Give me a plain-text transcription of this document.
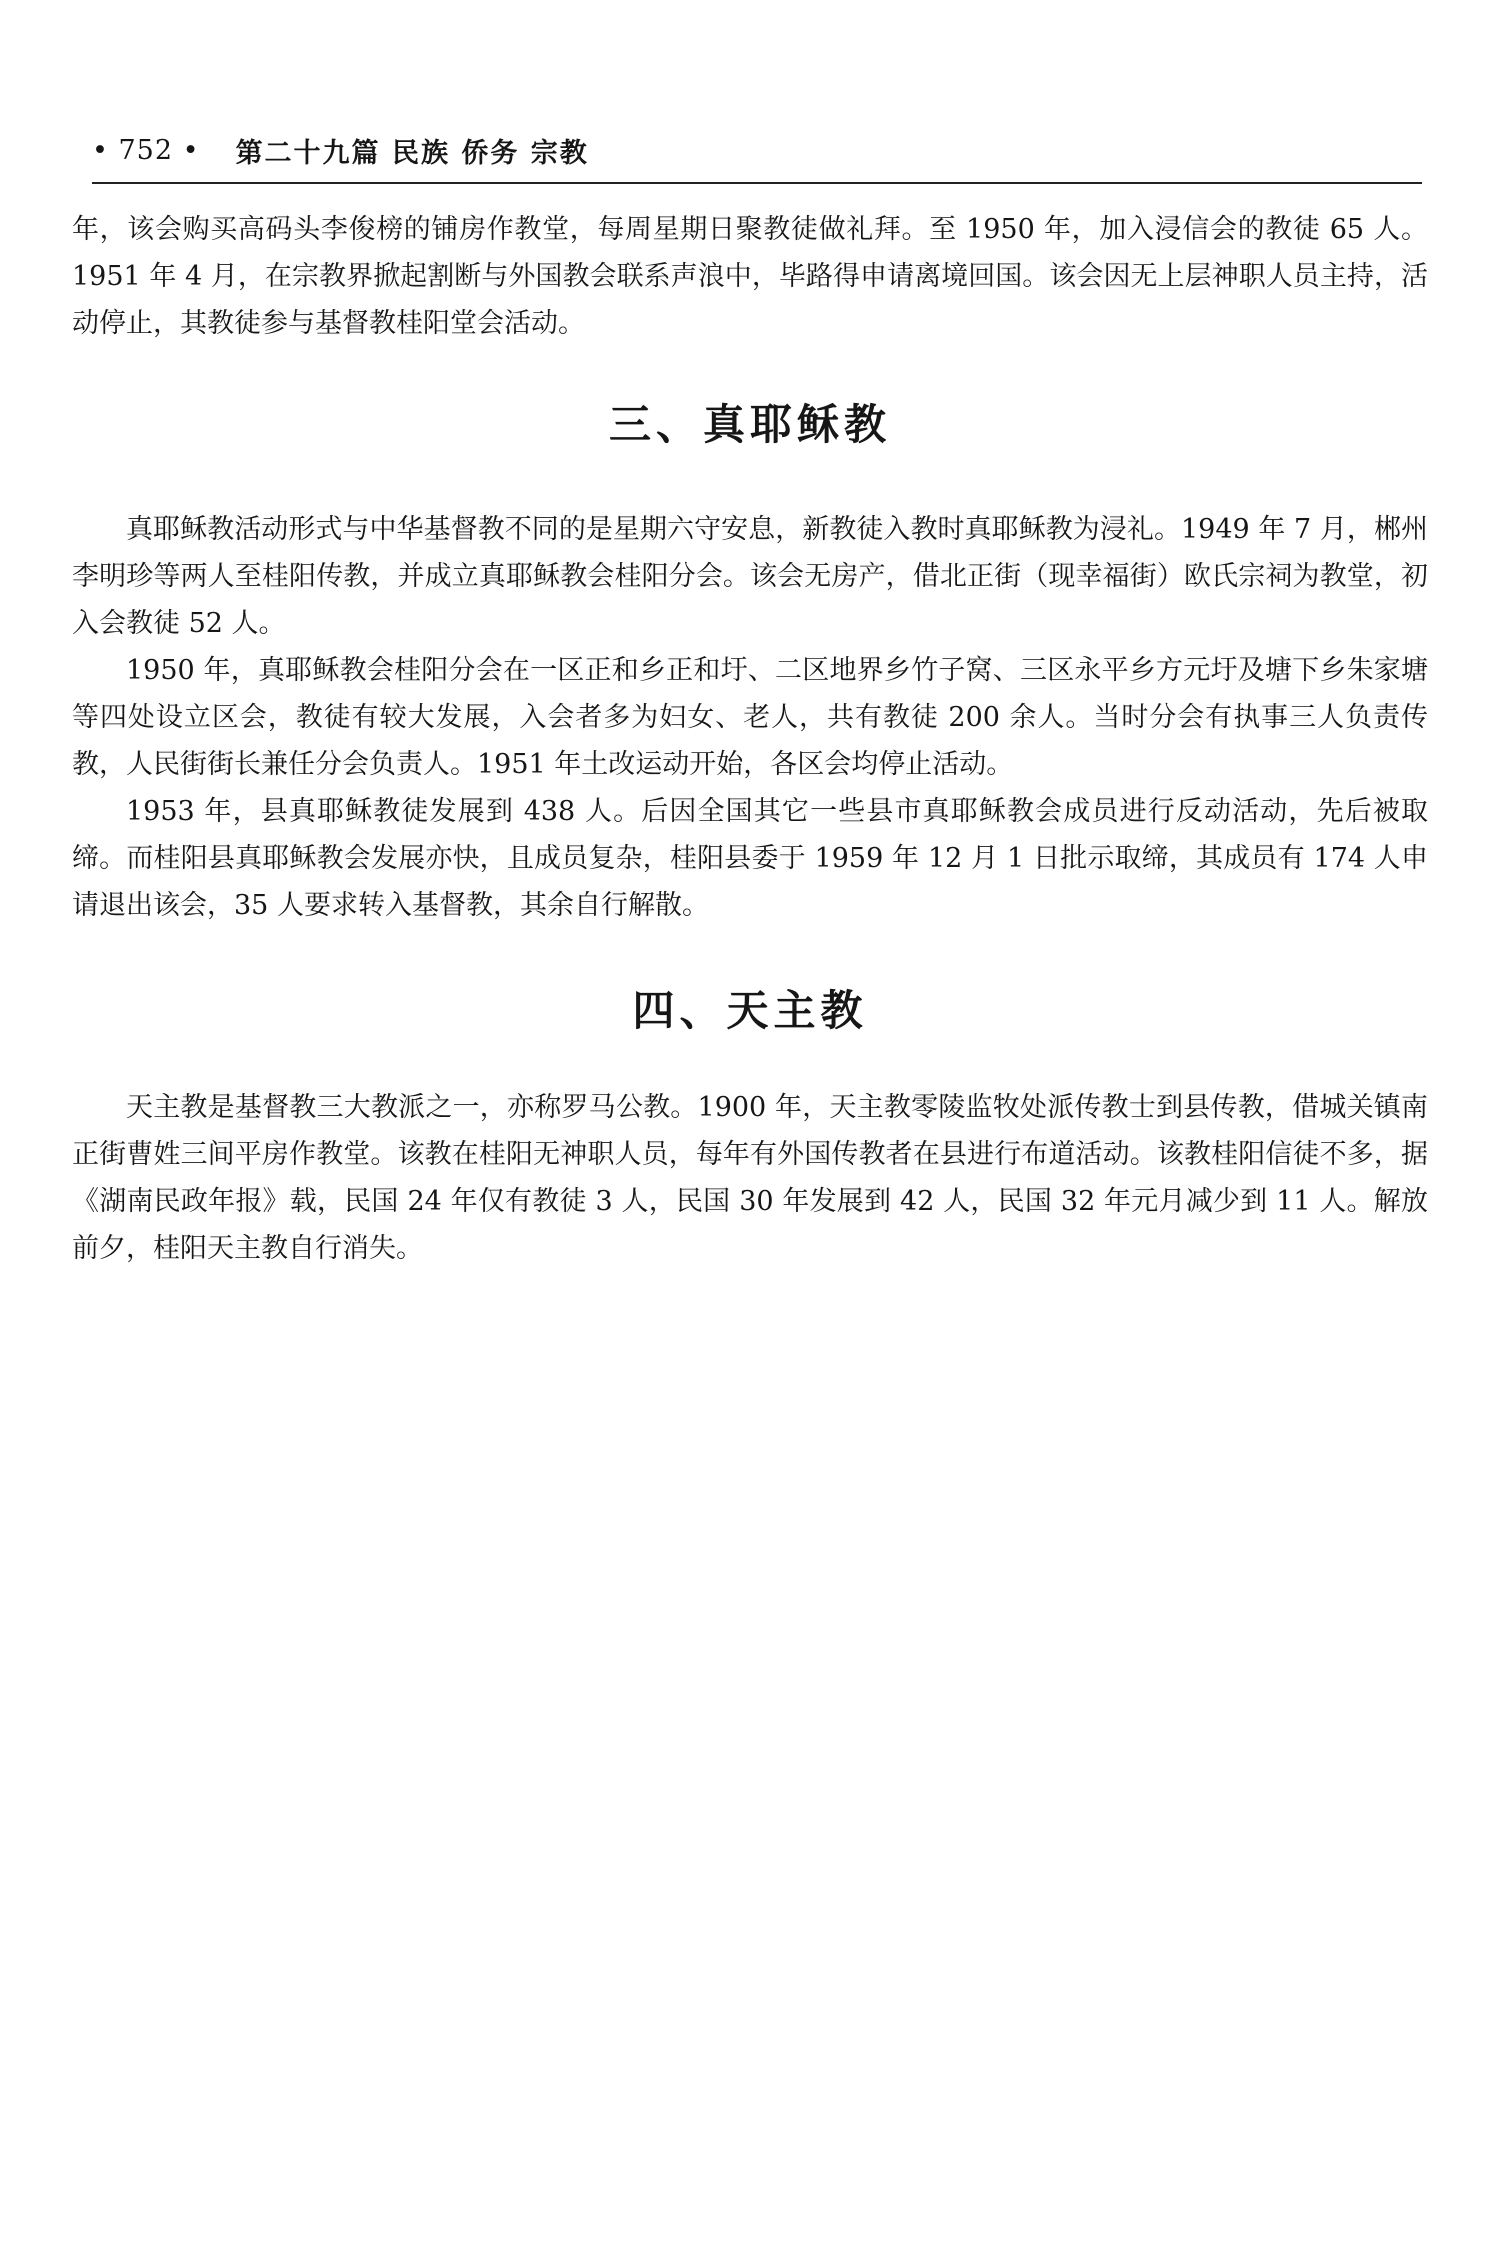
• 752 • 第二十九篇 民族 侨务 宗教

年，该会购买高码头李俊榜的铺房作教堂，每周星期日聚教徒做礼拜。至 1950 年，加入浸信会的教徒 65 人。1951 年 4 月，在宗教界掀起割断与外国教会联系声浪中，毕路得申请离境回国。该会因无上层神职人员主持，活动停止，其教徒参与基督教桂阳堂会活动。

三、真耶稣教

真耶稣教活动形式与中华基督教不同的是星期六守安息，新教徒入教时真耶稣教为浸礼。1949 年 7 月，郴州李明珍等两人至桂阳传教，并成立真耶稣教会桂阳分会。该会无房产，借北正街（现幸福街）欧氏宗祠为教堂，初入会教徒 52 人。

1950 年，真耶稣教会桂阳分会在一区正和乡正和圩、二区地界乡竹子窝、三区永平乡方元圩及塘下乡朱家塘等四处设立区会，教徒有较大发展，入会者多为妇女、老人，共有教徒 200 余人。当时分会有执事三人负责传教，人民街街长兼任分会负责人。1951 年土改运动开始，各区会均停止活动。

1953 年，县真耶稣教徒发展到 438 人。后因全国其它一些县市真耶稣教会成员进行反动活动，先后被取缔。而桂阳县真耶稣教会发展亦快，且成员复杂，桂阳县委于 1959 年 12 月 1 日批示取缔，其成员有 174 人申请退出该会，35 人要求转入基督教，其余自行解散。

四、天主教

天主教是基督教三大教派之一，亦称罗马公教。1900 年，天主教零陵监牧处派传教士到县传教，借城关镇南正街曹姓三间平房作教堂。该教在桂阳无神职人员，每年有外国传教者在县进行布道活动。该教桂阳信徒不多，据《湖南民政年报》载，民国 24 年仅有教徒 3 人，民国 30 年发展到 42 人，民国 32 年元月减少到 11 人。解放前夕，桂阳天主教自行消失。
